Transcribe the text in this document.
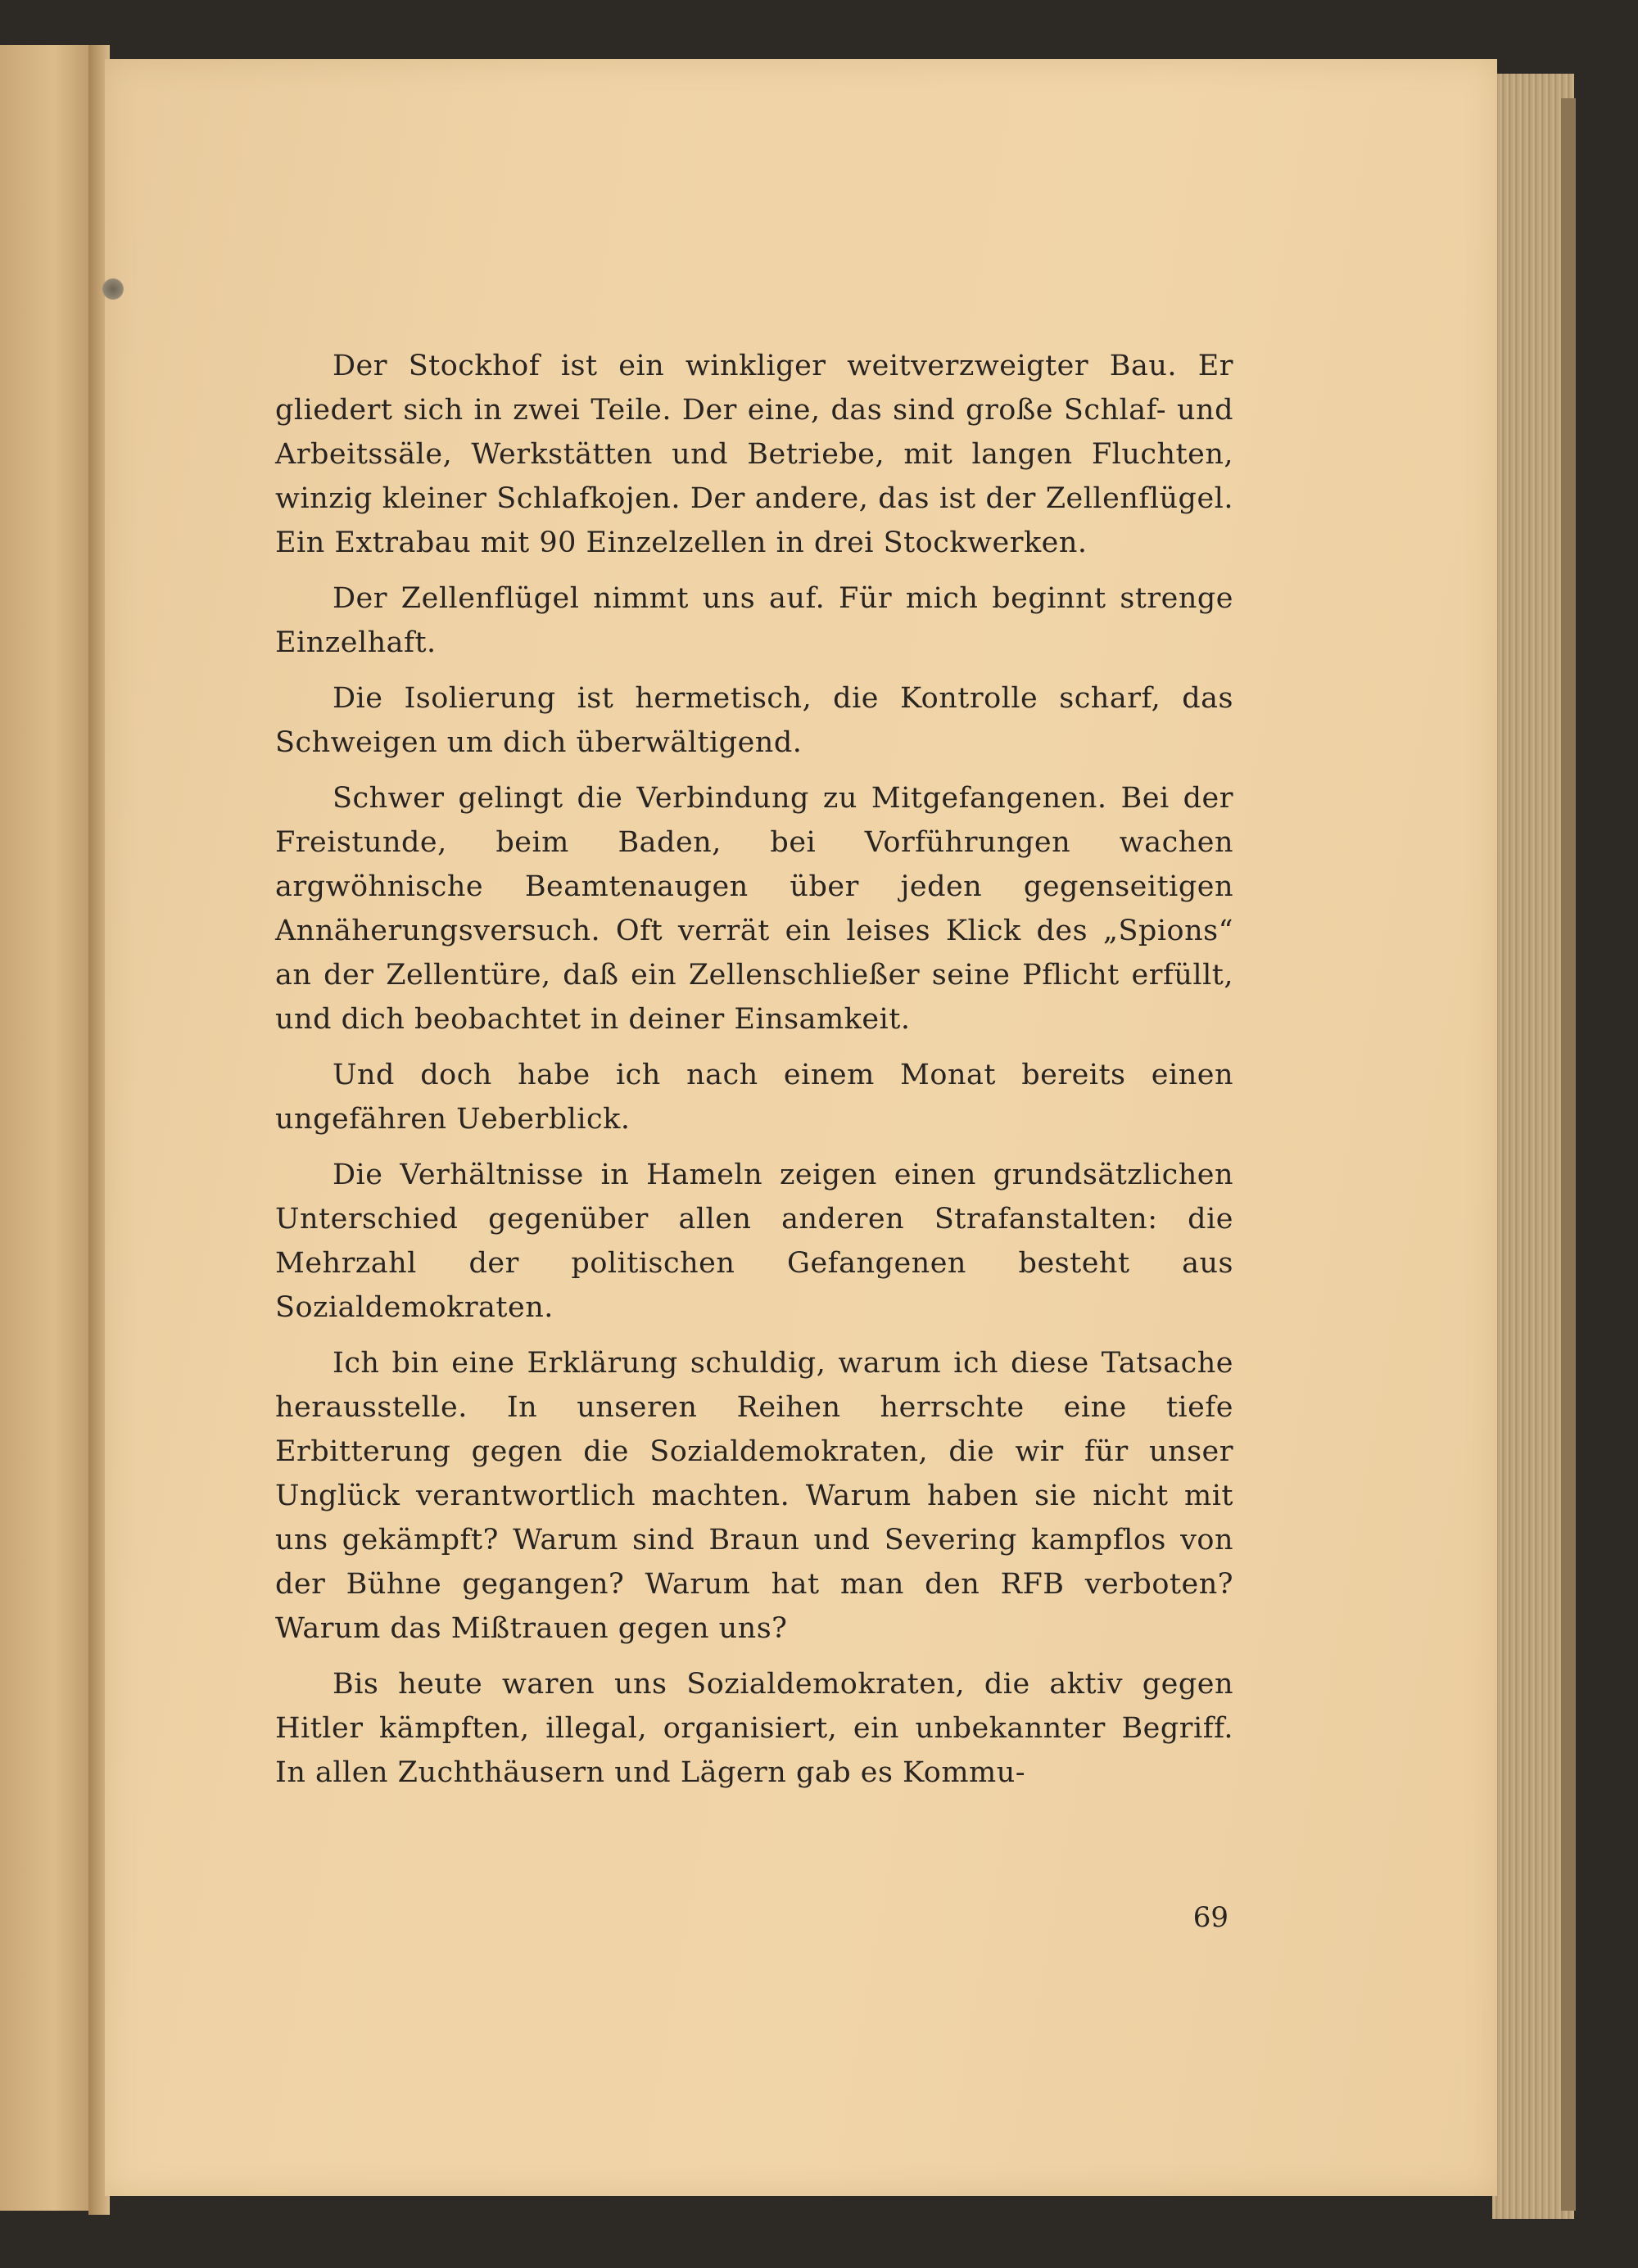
Der Stockhof ist ein winkliger weitverzweigter Bau. Er gliedert sich in zwei Teile. Der eine, das sind große Schlaf- und Arbeitssäle, Werkstätten und Betriebe, mit langen Fluchten, winzig kleiner Schlafkojen. Der andere, das ist der Zellenflügel. Ein Extrabau mit 90 Einzelzellen in drei Stockwerken.

Der Zellenflügel nimmt uns auf. Für mich beginnt strenge Einzelhaft.

Die Isolierung ist hermetisch, die Kontrolle scharf, das Schweigen um dich überwältigend.

Schwer gelingt die Verbindung zu Mitgefangenen. Bei der Freistunde, beim Baden, bei Vorführungen wachen argwöhnische Beamtenaugen über jeden gegenseitigen Annäherungsversuch. Oft verrät ein leises Klick des „Spions“ an der Zellentüre, daß ein Zellenschließer seine Pflicht erfüllt, und dich beobachtet in deiner Einsamkeit.

Und doch habe ich nach einem Monat bereits einen ungefähren Ueberblick.

Die Verhältnisse in Hameln zeigen einen grundsätzlichen Unterschied gegenüber allen anderen Strafanstalten: die Mehrzahl der politischen Gefangenen besteht aus Sozialdemokraten.

Ich bin eine Erklärung schuldig, warum ich diese Tatsache herausstelle. In unseren Reihen herrschte eine tiefe Erbitterung gegen die Sozialdemokraten, die wir für unser Unglück verantwortlich machten. Warum haben sie nicht mit uns gekämpft? Warum sind Braun und Severing kampflos von der Bühne gegangen? Warum hat man den RFB verboten? Warum das Mißtrauen gegen uns?

Bis heute waren uns Sozialdemokraten, die aktiv gegen Hitler kämpften, illegal, organisiert, ein unbekannter Begriff. In allen Zuchthäusern und Lägern gab es Kommu-

69
